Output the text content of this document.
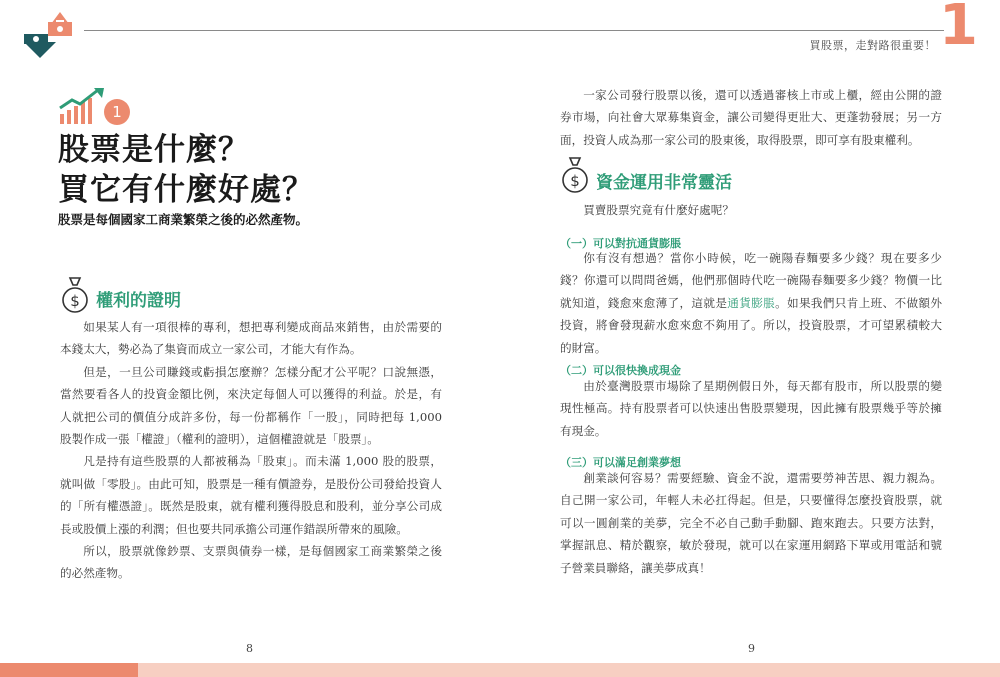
1
股票是什麼？
買它有什麼好處？
股票是每個國家工商業繁榮之後的必然產物。
$ 權利的證明

如果某人有一項很棒的專利，想把專利變成商品來銷售，由於需要的本錢太大，勢必為了集資而成立一家公司，才能大有作為。

但是，一旦公司賺錢或虧損怎麼辦？怎樣分配才公平呢？口說無憑，當然要看各人的投資金額比例，來決定每個人可以獲得的利益。於是，有人就把公司的價值分成許多份，每一份都稱作「一股」，同時把每 1,000 股製作成一張「權證」（權利的證明），這個權證就是「股票」。

凡是持有這些股票的人都被稱為「股東」。而未滿 1,000 股的股票，就叫做「零股」。由此可知，股票是一種有價證券，是股份公司發給投資人的「所有權憑證」。既然是股東，就有權利獲得股息和股利，並分享公司成長或股價上漲的利潤；但也要共同承擔公司運作錯誤所帶來的風險。

所以，股票就像鈔票、支票與債券一樣，是每個國家工商業繁榮之後的必然產物。

8
買股票，走對路很重要！ 1

一家公司發行股票以後，還可以透過審核上市或上櫃，經由公開的證券市場，向社會大眾募集資金，讓公司變得更壯大、更蓬勃發展；另一方面，投資人成為那一家公司的股東後，取得股票，即可享有股東權利。

$ 資金運用非常靈活

買賣股票究竟有什麼好處呢？

（一）可以對抗通貨膨脹

你有沒有想過？當你小時候，吃一碗陽春麵要多少錢？現在要多少錢？你還可以問問爸媽，他們那個時代吃一碗陽春麵要多少錢？物價一比就知道，錢愈來愈薄了，這就是通貨膨脹。如果我們只肯上班、不做額外投資，將會發現薪水愈來愈不夠用了。所以，投資股票，才可望累積較大的財富。

（二）可以很快換成現金

由於臺灣股票市場除了星期例假日外，每天都有股市，所以股票的變現性極高。持有股票者可以快速出售股票變現，因此擁有股票幾乎等於擁有現金。

（三）可以滿足創業夢想

創業談何容易？需要經驗、資金不說，還需要勞神苦思、親力親為。自己開一家公司，年輕人未必扛得起。但是，只要懂得怎麼投資股票，就可以一圓創業的美夢，完全不必自己動手動腳、跑來跑去。只要方法對，掌握訊息、精於觀察，敏於發現，就可以在家運用網路下單或用電話和號子營業員聯絡，讓美夢成真！

9
